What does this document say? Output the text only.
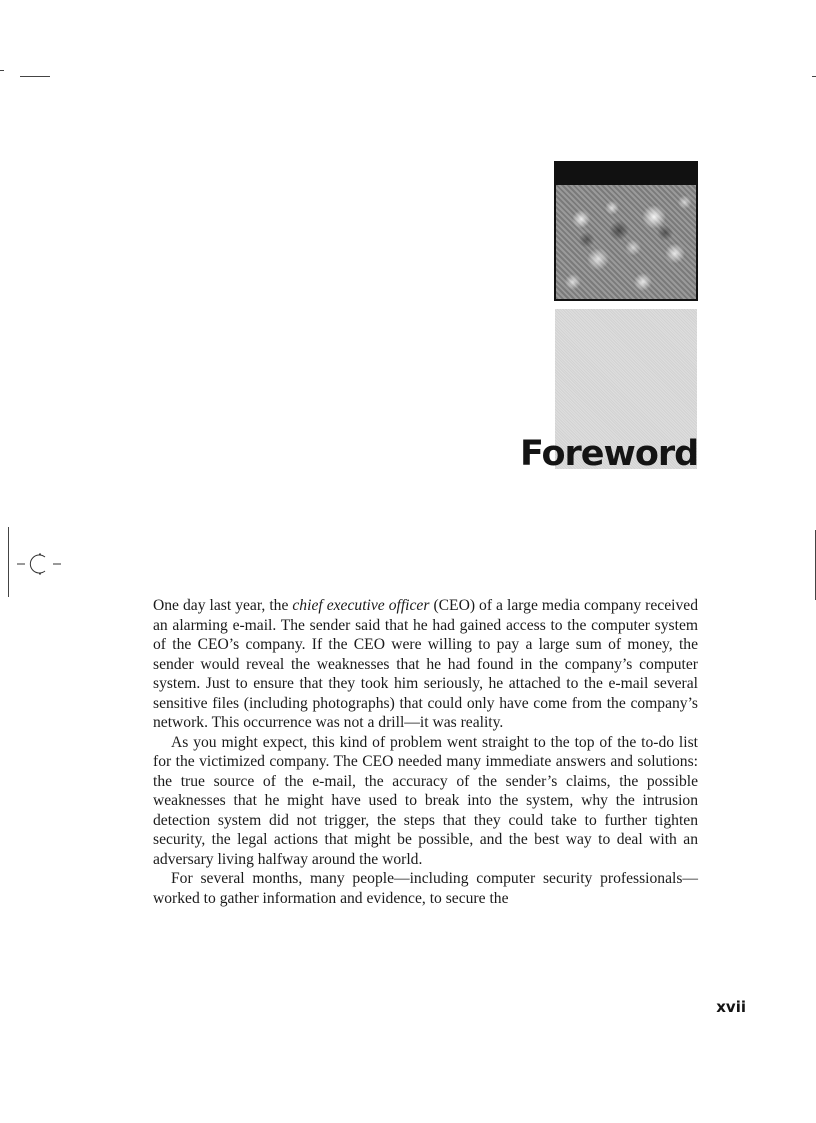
Foreword

One day last year, the chief executive officer (CEO) of a large media company received an alarming e-mail. The sender said that he had gained access to the computer system of the CEO’s company. If the CEO were willing to pay a large sum of money, the sender would reveal the weaknesses that he had found in the company’s computer system. Just to ensure that they took him seriously, he attached to the e-mail several sensitive files (including photographs) that could only have come from the company’s network. This occurrence was not a drill—it was reality.

As you might expect, this kind of problem went straight to the top of the to-do list for the victimized company. The CEO needed many immediate answers and solutions: the true source of the e-mail, the accuracy of the sender’s claims, the possible weaknesses that he might have used to break into the system, why the intrusion detection system did not trigger, the steps that they could take to further tighten security, the legal actions that might be possible, and the best way to deal with an adversary living halfway around the world.

For several months, many people—including computer security professionals—worked to gather information and evidence, to secure the

xvii
